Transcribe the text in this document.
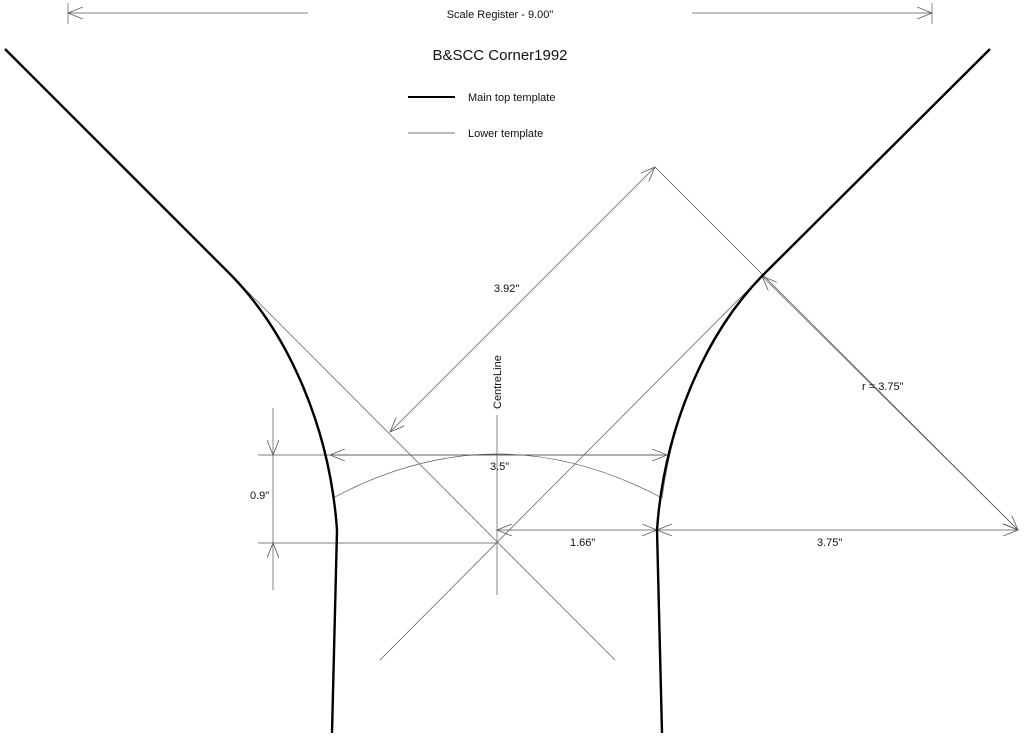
Scale Register - 9.00"
B&SCC Corner1992
Main top template
Lower template
3.92"
r = 3.75"
3.5"
1.66"	3.75"
0.9"
CentreLine
